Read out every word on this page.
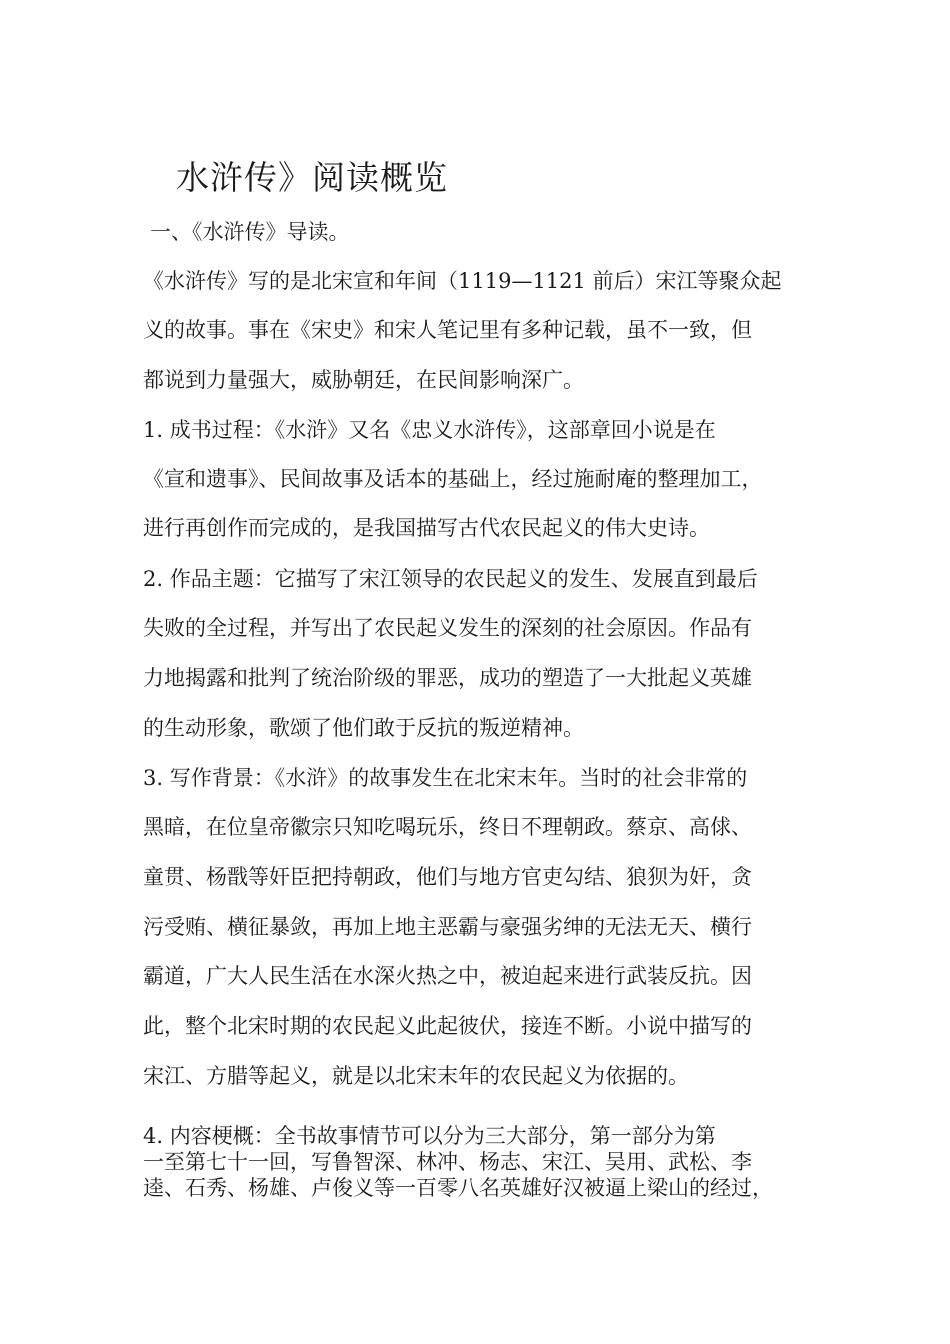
水浒传》阅读概览
一、《水浒传》导读。
《水浒传》写的是北宋宣和年间（1119—1121 前后）宋江等聚众起
义的故事。事在《宋史》和宋人笔记里有多种记载，虽不一致，但
都说到力量强大，威胁朝廷，在民间影响深广。
1. 成书过程：《水浒》又名《忠义水浒传》，这部章回小说是在
《宣和遗事》、民间故事及话本的基础上，经过施耐庵的整理加工，
进行再创作而完成的，是我国描写古代农民起义的伟大史诗。
2. 作品主题：它描写了宋江领导的农民起义的发生、发展直到最后
失败的全过程，并写出了农民起义发生的深刻的社会原因。作品有
力地揭露和批判了统治阶级的罪恶，成功的塑造了一大批起义英雄
的生动形象，歌颂了他们敢于反抗的叛逆精神。
3. 写作背景：《水浒》的故事发生在北宋末年。当时的社会非常的
黑暗，在位皇帝徽宗只知吃喝玩乐，终日不理朝政。蔡京、高俅、
童贯、杨戬等奸臣把持朝政，他们与地方官吏勾结、狼狈为奸，贪
污受贿、横征暴敛，再加上地主恶霸与豪强劣绅的无法无天、横行
霸道，广大人民生活在水深火热之中，被迫起来进行武装反抗。因
此，整个北宋时期的农民起义此起彼伏，接连不断。小说中描写的
宋江、方腊等起义，就是以北宋末年的农民起义为依据的。
4. 内容梗概：全书故事情节可以分为三大部分，第一部分为第
一至第七十一回，写鲁智深、林冲、杨志、宋江、吴用、武松、李
逵、石秀、杨雄、卢俊义等一百零八名英雄好汉被逼上梁山的经过，
